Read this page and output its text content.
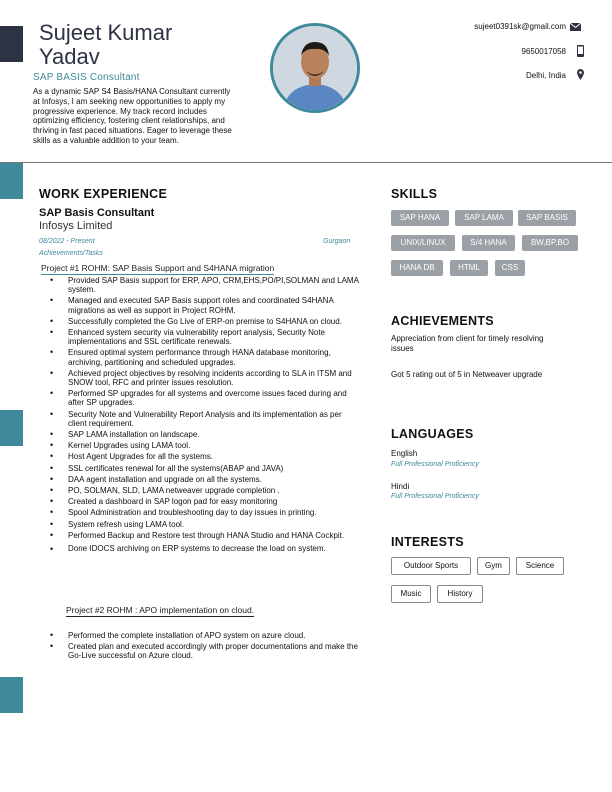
Sujeet Kumar
Yadav
SAP BASIS Consultant
As a dynamic SAP S4 Basis/HANA Consultant currently at Infosys, I am seeking new opportunities to apply my progressive experience. My track record includes optimizing efficiency, fostering client relationships, and thriving in fast paced situations. Eager to leverage these skills as a valuable addition to your team.
sujeet0391sk@gmail.com
9650017058
Delhi, India
WORK EXPERIENCE
SAP Basis Consultant
Infosys Limited
08/2022 - Present	Gurgaon
Achievements/Tasks
Project #1 ROHM: SAP Basis Support and S4HANA migration
• Provided SAP Basis support for ERP, APO, CRM,EHS,PO/PI,SOLMAN and LAMA system.
• Managed and executed SAP Basis support roles and coordinated S4HANA migrations as well as support in Project ROHM.
• Successfully completed the Go Live of ERP-on premise to S4HANA on cloud.
• Enhanced system security via vulnerability report analysis, Security Note implementations and SSL certificate renewals.
• Ensured optimal system performance through HANA database monitoring, archiving, partitioning and scheduled upgrades.
• Achieved project objectives by resolving incidents according to SLA in ITSM and SNOW tool, RFC and printer issues resolution.
• Performed SP upgrades for all systems and overcome issues faced during and after SP upgrades.
• Security Note and Vulnerability Report Analysis and its implementation as per client requirement.
• SAP LAMA installation on landscape.
• Kernel Upgrades using LAMA tool.
• Host Agent Upgrades for all the systems.
• SSL certificates renewal for all the systems(ABAP and JAVA)
• DAA agent installation and upgrade on all the systems.
• PO, SOLMAN, SLD, LAMA netweaver upgrade completion .
• Created a dashboard in SAP logon pad for easy monitoring
• Spool Administration and troubleshooting day to day issues in printing.
• System refresh using LAMA tool.
• Performed Backup and Restore test through HANA Studio and HANA Cockpit.
• Done IDOCS archiving on ERP systems to decrease the load on system.
Project #2 ROHM : APO implementation on cloud.
• Performed the complete installation of APO system on azure cloud.
• Created plan and executed accordingly with proper documentations and make the Go-Live successful on Azure cloud.
SKILLS
SAP HANA	SAP LAMA	SAP BASIS
UNIX/LINUX	S/4 HANA	BW,BP,BO
HANA DB	HTML	CSS
ACHIEVEMENTS
Appreciation from client for timely resolving issues
Got 5 rating out of 5 in Netweaver upgrade
LANGUAGES
English
Full Professional Proficiency
Hindi
Full Professional Proficiency
INTERESTS
Outdoor Sports	Gym	Science
Music	History
